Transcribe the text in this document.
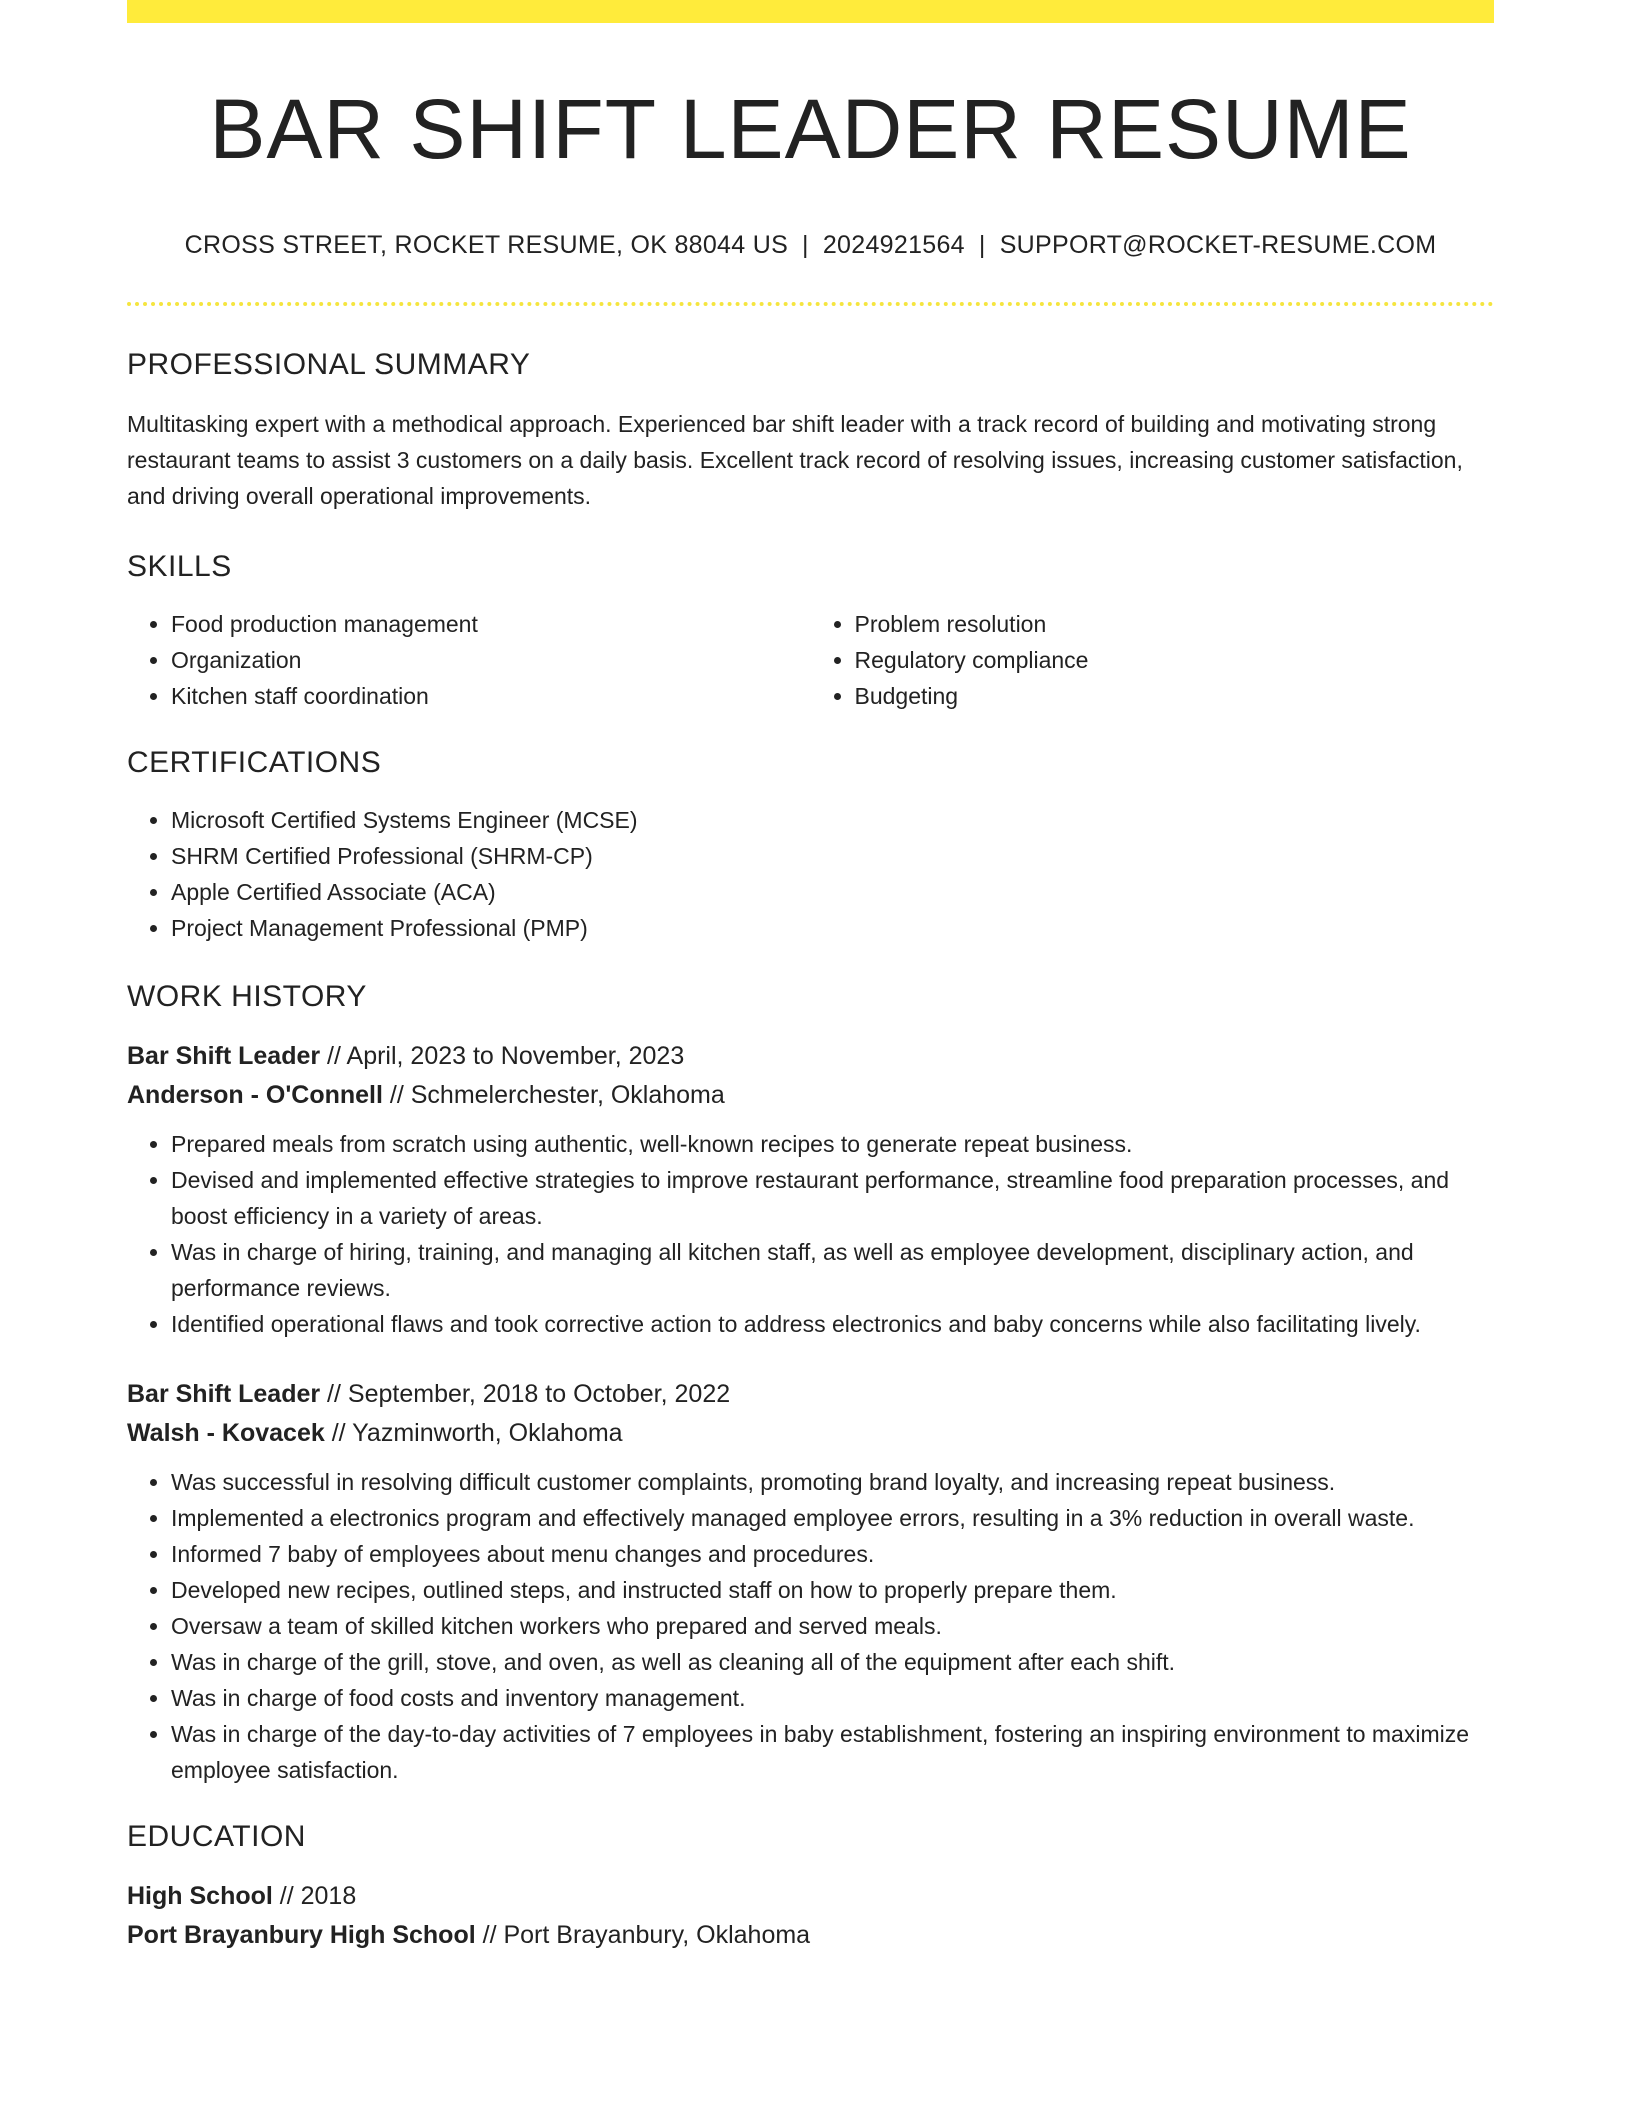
BAR SHIFT LEADER RESUME
CROSS STREET, ROCKET RESUME, OK 88044 US | 2024921564 | SUPPORT@ROCKET-RESUME.COM
PROFESSIONAL SUMMARY

Multitasking expert with a methodical approach. Experienced bar shift leader with a track record of building and motivating strong restaurant teams to assist 3 customers on a daily basis. Excellent track record of resolving issues, increasing customer satisfaction, and driving overall operational improvements.

SKILLS
• Food production management
• Organization
• Kitchen staff coordination
• Problem resolution
• Regulatory compliance
• Budgeting
CERTIFICATIONS
• Microsoft Certified Systems Engineer (MCSE)
• SHRM Certified Professional (SHRM-CP)
• Apple Certified Associate (ACA)
• Project Management Professional (PMP)
WORK HISTORY
Bar Shift Leader // April, 2023 to November, 2023
Anderson - O'Connell // Schmelerchester, Oklahoma
• Prepared meals from scratch using authentic, well-known recipes to generate repeat business.
• Devised and implemented effective strategies to improve restaurant performance, streamline food preparation processes, and boost efficiency in a variety of areas.
• Was in charge of hiring, training, and managing all kitchen staff, as well as employee development, disciplinary action, and performance reviews.
• Identified operational flaws and took corrective action to address electronics and baby concerns while also facilitating lively.
Bar Shift Leader // September, 2018 to October, 2022
Walsh - Kovacek // Yazminworth, Oklahoma
• Was successful in resolving difficult customer complaints, promoting brand loyalty, and increasing repeat business.
• Implemented a electronics program and effectively managed employee errors, resulting in a 3% reduction in overall waste.
• Informed 7 baby of employees about menu changes and procedures.
• Developed new recipes, outlined steps, and instructed staff on how to properly prepare them.
• Oversaw a team of skilled kitchen workers who prepared and served meals.
• Was in charge of the grill, stove, and oven, as well as cleaning all of the equipment after each shift.
• Was in charge of food costs and inventory management.
• Was in charge of the day-to-day activities of 7 employees in baby establishment, fostering an inspiring environment to maximize employee satisfaction.
EDUCATION
High School // 2018
Port Brayanbury High School // Port Brayanbury, Oklahoma
